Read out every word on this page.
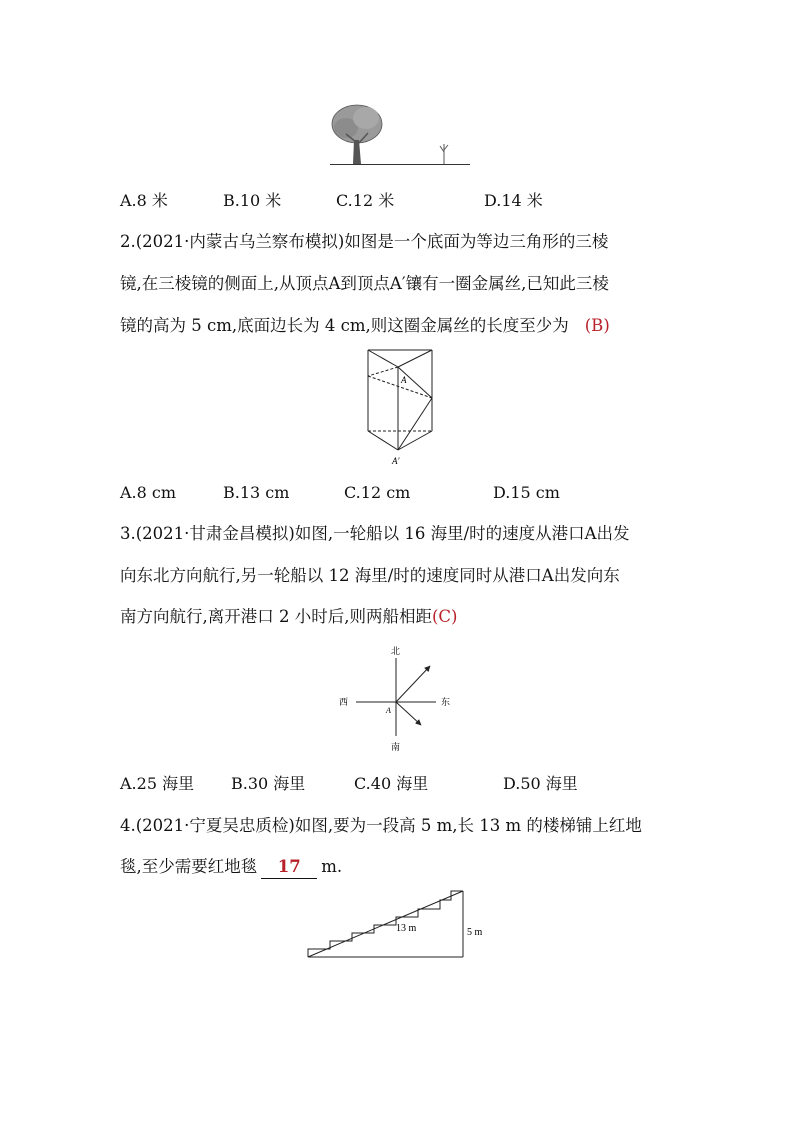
A.8 米	B.10 米	C.12 米	D.14 米
2.(2021·内蒙古乌兰察布模拟)如图是一个底面为等边三角形的三棱
镜,在三棱镜的侧面上,从顶点A到顶点A′镶有一圈金属丝,已知此三棱
镜的高为 5 cm,底面边长为 4 cm,则这圈金属丝的长度至少为 (B)
A
A′
A.8 cm	B.13 cm	C.12 cm	D.15 cm
3.(2021·甘肃金昌模拟)如图,一轮船以 16 海里/时的速度从港口A出发
向东北方向航行,另一轮船以 12 海里/时的速度同时从港口A出发向东
南方向航行,离开港口 2 小时后,则两船相距(C)
北
南
西	东
A
A.25 海里 B.30 海里	C.40 海里	D.50 海里
4.(2021·宁夏吴忠质检)如图,要为一段高 5 m,长 13 m 的楼梯铺上红地
毯,至少需要红地毯 17 m.
13 m	5 m
